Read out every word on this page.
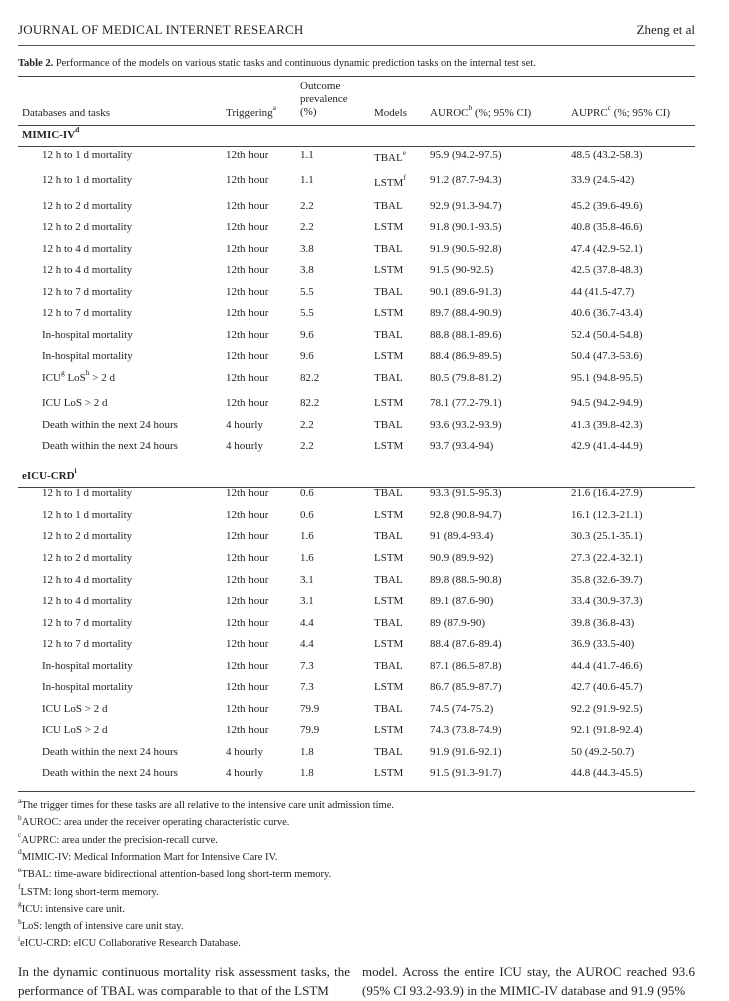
JOURNAL OF MEDICAL INTERNET RESEARCH	Zheng et al
Table 2. Performance of the models on various static tasks and continuous dynamic prediction tasks on the internal test set.
Databases and tasks	Triggering$^a$
Outcome
prevalence
(%)	Models AUROC$^b$ (%; 95% CI)	AUPRC$^c$ (%; 95% CI)
MIMIC-$IV^d$
12 h to 1 d mortality	12th hour	1.1	TBAL$^e$ 95.9 (94.2-97.5)	48.5 (43.2-58.3)
12 h to 1 d mortality	12th hour	1.1	LSTM$^f$ 91.2 (87.7-94.3)	33.9 (24.5-42)
12 h to 2 d mortality	12th hour	2.2	TBAL 92.9 (91.3-94.7)	45.2 (39.6-49.6)
12 h to 2 d mortality	12th hour	2.2	LSTM 91.8 (90.1-93.5)	40.8 (35.8-46.6)
12 h to 4 d mortality	12th hour	3.8	TBAL 91.9 (90.5-92.8)	47.4 (42.9-52.1)
12 h to 4 d mortality	12th hour	3.8	LSTM 91.5 (90-92.5)	42.5 (37.8-48.3)
12 h to 7 d mortality	12th hour	5.5	TBAL 90.1 (89.6-91.3)	44 (41.5-47.7)
12 h to 7 d mortality	12th hour	5.5	LSTM 89.7 (88.4-90.9)	40.6 (36.7-43.4)
In-hospital mortality	12th hour	9.6	TBAL 88.8 (88.1-89.6)	52.4 (50.4-54.8)
In-hospital mortality	12th hour	9.6	LSTM 88.4 (86.9-89.5)	50.4 (47.3-53.6)
ICU$^g$ LoS$^h$ > 2 d	12th hour	82.2	TBAL 80.5 (79.8-81.2)	95.1 (94.8-95.5)
ICU LoS > 2 d	12th hour	82.2	LSTM 78.1 (77.2-79.1)	94.5 (94.2-94.9)
Death within the next 24 hours	4 hourly	2.2	TBAL 93.6 (93.2-93.9)	41.3 (39.8-42.3)
Death within the next 24 hours	4 hourly	2.2	LSTM 93.7 (93.4-94)	42.9 (41.4-44.9)
eICU-CRD$^i$
12 h to 1 d mortality	12th hour	0.6	TBAL 93.3 (91.5-95.3)	21.6 (16.4-27.9)
12 h to 1 d mortality	12th hour	0.6	LSTM 92.8 (90.8-94.7)	16.1 (12.3-21.1)
12 h to 2 d mortality	12th hour	1.6	TBAL 91 (89.4-93.4)	30.3 (25.1-35.1)
12 h to 2 d mortality	12th hour	1.6	LSTM 90.9 (89.9-92)	27.3 (22.4-32.1)
12 h to 4 d mortality	12th hour	3.1	TBAL 89.8 (88.5-90.8)	35.8 (32.6-39.7)
12 h to 4 d mortality	12th hour	3.1	LSTM 89.1 (87.6-90)	33.4 (30.9-37.3)
12 h to 7 d mortality	12th hour	4.4	TBAL 89 (87.9-90)	39.8 (36.8-43)
12 h to 7 d mortality	12th hour	4.4	LSTM 88.4 (87.6-89.4)	36.9 (33.5-40)
In-hospital mortality	12th hour	7.3	TBAL 87.1 (86.5-87.8)	44.4 (41.7-46.6)
In-hospital mortality	12th hour	7.3	LSTM 86.7 (85.9-87.7)	42.7 (40.6-45.7)
ICU LoS > 2 d	12th hour	79.9	TBAL 74.5 (74-75.2)	92.2 (91.9-92.5)
ICU LoS > 2 d	12th hour	79.9	LSTM 74.3 (73.8-74.9)	92.1 (91.8-92.4)
Death within the next 24 hours	4 hourly	1.8	TBAL 91.9 (91.6-92.1)	50 (49.2-50.7)
Death within the next 24 hours	4 hourly	1.8	LSTM 91.5 (91.3-91.7)	44.8 (44.3-45.5)
$^a$The trigger times for these tasks are all relative to the intensive care unit admission time.
$^b$AUROC: area under the receiver operating characteristic curve.
$^c$AUPRC: area under the precision-recall curve.
$^d$MIMIC-IV: Medical Information Mart for Intensive Care IV.
$^e$TBAL: time-aware bidirectional attention-based long short-term memory.
$^f$LSTM: long short-term memory.
$^g$ICU: intensive care unit.
$^h$LoS: length of intensive care unit stay.
$^i$eICU-CRD: eICU Collaborative Research Database.
In the dynamic continuous mortality risk assessment tasks, the performance of TBAL was comparable to that of the LSTM
model. Across the entire ICU stay, the AUROC reached 93.6 (95% CI 93.2-93.9) in the MIMIC-IV database and 91.9 (95%
